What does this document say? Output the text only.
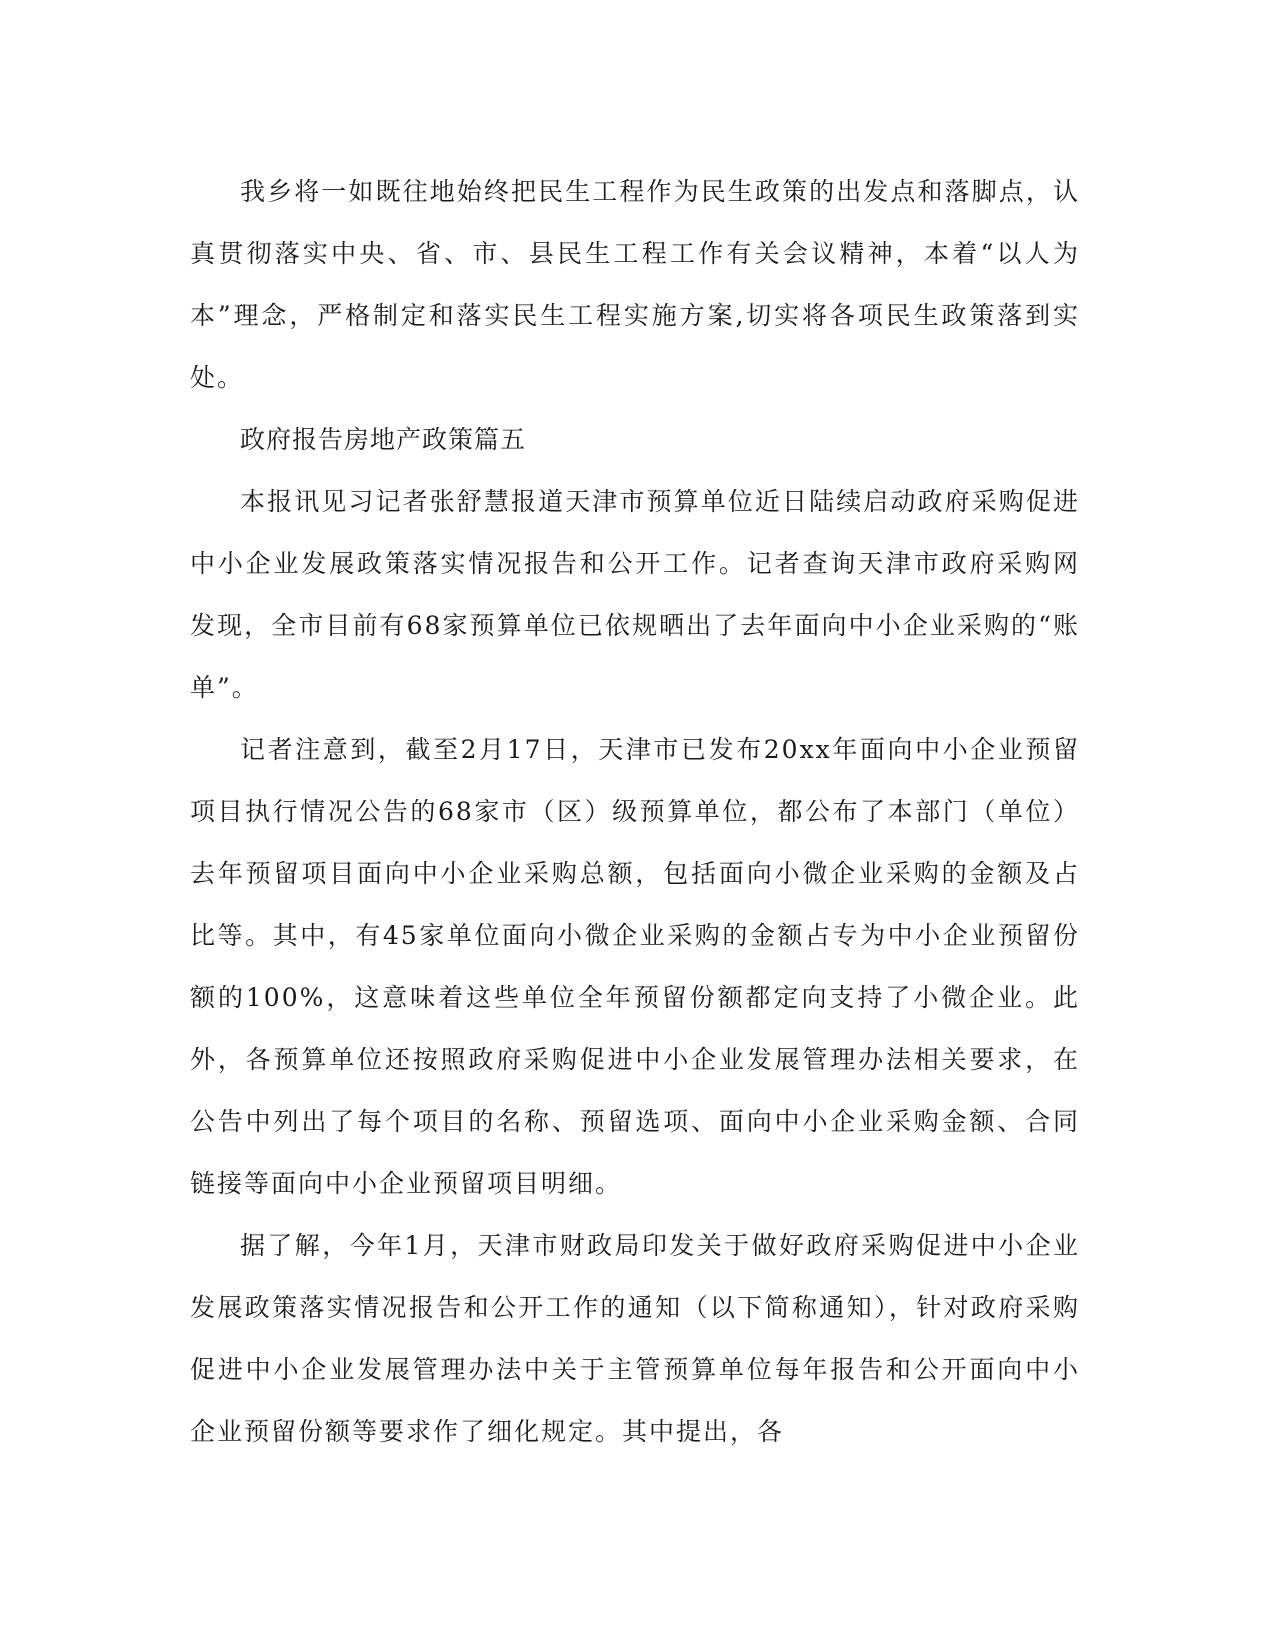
我乡将一如既往地始终把民生工程作为民生政策的出发点和落脚点，认真贯彻落实中央、省、市、县民生工程工作有关会议精神，本着“以人为本”理念，严格制定和落实民生工程实施方案,切实将各项民生政策落到实处。

政府报告房地产政策篇五

本报讯见习记者张舒慧报道天津市预算单位近日陆续启动政府采购促进中小企业发展政策落实情况报告和公开工作。记者查询天津市政府采购网发现，全市目前有68家预算单位已依规晒出了去年面向中小企业采购的“账单”。

记者注意到，截至2月17日，天津市已发布20xx年面向中小企业预留项目执行情况公告的68家市（区）级预算单位，都公布了本部门（单位）去年预留项目面向中小企业采购总额，包括面向小微企业采购的金额及占比等。其中，有45家单位面向小微企业采购的金额占专为中小企业预留份额的100%，这意味着这些单位全年预留份额都定向支持了小微企业。此外，各预算单位还按照政府采购促进中小企业发展管理办法相关要求，在公告中列出了每个项目的名称、预留选项、面向中小企业采购金额、合同链接等面向中小企业预留项目明细。

据了解，今年1月，天津市财政局印发关于做好政府采购促进中小企业发展政策落实情况报告和公开工作的通知（以下简称通知），针对政府采购促进中小企业发展管理办法中关于主管预算单位每年报告和公开面向中小企业预留份额等要求作了细化规定。其中提出，各
